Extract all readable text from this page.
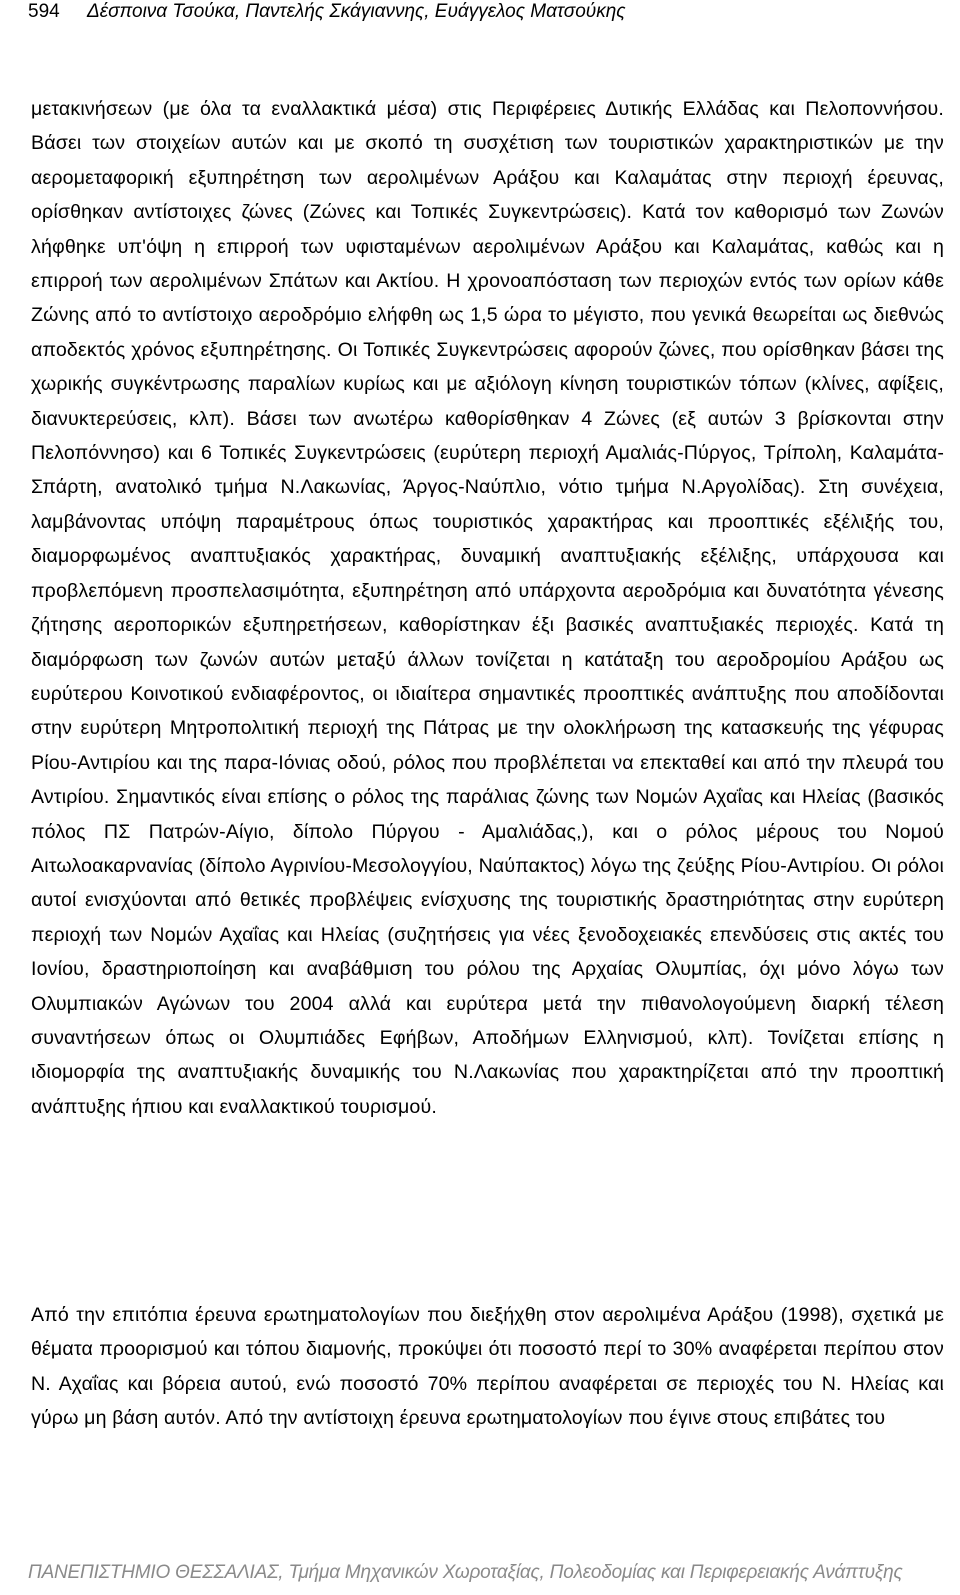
594 Δέσποινα Τσούκα, Παντελής Σκάγιαννης, Ευάγγελος Ματσούκης

μετακινήσεων (με όλα τα εναλλακτικά μέσα) στις Περιφέρειες Δυτικής Ελλάδας και Πελοποννήσου. Βάσει των στοιχείων αυτών και με σκοπό τη συσχέτιση των τουριστικών χαρακτηριστικών με την αερομεταφορική εξυπηρέτηση των αερολιμένων Αράξου και Καλαμάτας στην περιοχή έρευνας, ορίσθηκαν αντίστοιχες ζώνες (Ζώνες και Τοπικές Συγκεντρώσεις). Κατά τον καθορισμό των Ζωνών λήφθηκε υπ'όψη η επιρροή των υφισταμένων αερολιμένων Αράξου και Καλαμάτας, καθώς και η επιρροή των αερολιμένων Σπάτων και Ακτίου. Η χρονοαπόσταση των περιοχών εντός των ορίων κάθε Ζώνης από το αντίστοιχο αεροδρόμιο ελήφθη ως 1,5 ώρα το μέγιστο, που γενικά θεωρείται ως διεθνώς αποδεκτός χρόνος εξυπηρέτησης. Οι Τοπικές Συγκεντρώσεις αφορούν ζώνες, που ορίσθηκαν βάσει της χωρικής συγκέντρωσης παραλίων κυρίως και με αξιόλογη κίνηση τουριστικών τόπων (κλίνες, αφίξεις, διανυκτερεύσεις, κλπ). Βάσει των ανωτέρω καθορίσθηκαν 4 Ζώνες (εξ αυτών 3 βρίσκονται στην Πελοπόννησο) και 6 Τοπικές Συγκεντρώσεις (ευρύτερη περιοχή Αμαλιάς-Πύργος, Τρίπολη, Καλαμάτα-Σπάρτη, ανατολικό τμήμα Ν.Λακωνίας, Άργος-Ναύπλιο, νότιο τμήμα Ν.Αργολίδας). Στη συνέχεια, λαμβάνοντας υπόψη παραμέτρους όπως τουριστικός χαρακτήρας και προοπτικές εξέλιξής του, διαμορφωμένος αναπτυξιακός χαρακτήρας, δυναμική αναπτυξιακής εξέλιξης, υπάρχουσα και προβλεπόμενη προσπελασιμότητα, εξυπηρέτηση από υπάρχοντα αεροδρόμια και δυνατότητα γένεσης ζήτησης αεροπορικών εξυπηρετήσεων, καθορίστηκαν έξι βασικές αναπτυξιακές περιοχές. Κατά τη διαμόρφωση των ζωνών αυτών μεταξύ άλλων τονίζεται η κατάταξη του αεροδρομίου Αράξου ως ευρύτερου Κοινοτικού ενδιαφέροντος, οι ιδιαίτερα σημαντικές προοπτικές ανάπτυξης που αποδίδονται στην ευρύτερη Μητροπολιτική περιοχή της Πάτρας με την ολοκλήρωση της κατασκευής της γέφυρας Ρίου-Αντιρίου και της παρα-Ιόνιας οδού, ρόλος που προβλέπεται να επεκταθεί και από την πλευρά του Αντιρίου. Σημαντικός είναι επίσης ο ρόλος της παράλιας ζώνης των Νομών Αχαΐας και Ηλείας (βασικός πόλος ΠΣ Πατρών-Αίγιο, δίπολο Πύργου - Αμαλιάδας,), και ο ρόλος μέρους του Νομού Αιτωλοακαρνανίας (δίπολο Αγρινίου-Μεσολογγίου, Ναύπακτος) λόγω της ζεύξης Ρίου-Αντιρίου. Οι ρόλοι αυτοί ενισχύονται από θετικές προβλέψεις ενίσχυσης της τουριστικής δραστηριότητας στην ευρύτερη περιοχή των Νομών Αχαΐας και Ηλείας (συζητήσεις για νέες ξενοδοχειακές επενδύσεις στις ακτές του Ιονίου, δραστηριοποίηση και αναβάθμιση του ρόλου της Αρχαίας Ολυμπίας, όχι μόνο λόγω των Ολυμπιακών Αγώνων του 2004 αλλά και ευρύτερα μετά την πιθανολογούμενη διαρκή τέλεση συναντήσεων όπως οι Ολυμπιάδες Εφήβων, Αποδήμων Ελληνισμού, κλπ). Τονίζεται επίσης η ιδιομορφία της αναπτυξιακής δυναμικής του Ν.Λακωνίας που χαρακτηρίζεται από την προοπτική ανάπτυξης ήπιου και εναλλακτικού τουρισμού.

Από την επιτόπια έρευνα ερωτηματολογίων που διεξήχθη στον αερολιμένα Αράξου (1998), σχετικά με θέματα προορισμού και τόπου διαμονής, προκύψει ότι ποσοστό περί το 30% αναφέρεται περίπου στον Ν. Αχαΐας και βόρεια αυτού, ενώ ποσοστό 70% περίπου αναφέρεται σε περιοχές του Ν. Ηλείας και γύρω μη βάση αυτόν. Από την αντίστοιχη έρευνα ερωτηματολογίων που έγινε στους επιβάτες του

ΠΑΝΕΠΙΣΤΗΜΙΟ ΘΕΣΣΑΛΙΑΣ, Τμήμα Μηχανικών Χωροταξίας, Πολεοδομίας και Περιφερειακής Ανάπτυξης
